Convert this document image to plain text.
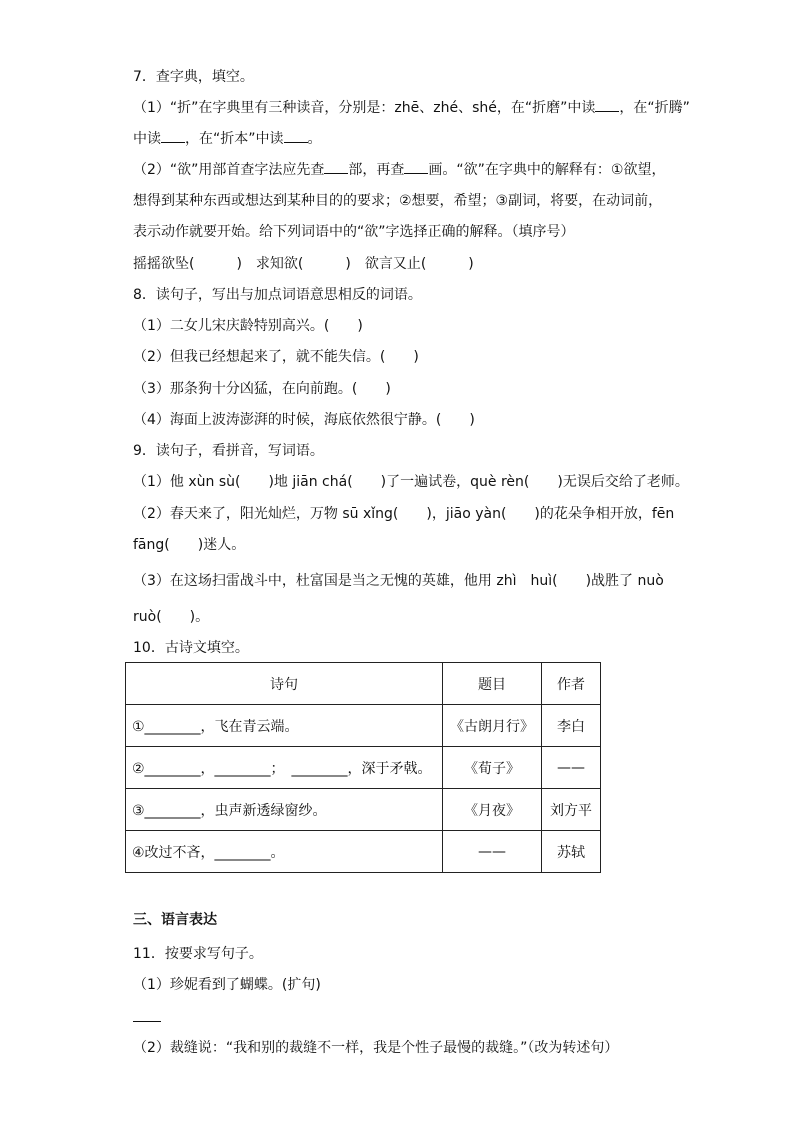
7．查字典，填空。
（1）“折”在字典里有三种读音，分别是：zhē、zhé、shé，在“折磨”中读 ，在“折腾”
中读 ，在“折本”中读 。
（2）“欲”用部首查字法应先查 部，再查 画。“欲”在字典中的解释有：①欲望，
想得到某种东西或想达到某种目的的要求；②想要，希望；③副词，将要，在动词前，
表示动作就要开始。给下列词语中的“欲”字选择正确的解释。（填序号）
摇摇欲坠(　　　)　求知欲(　　　)　欲言又止(　　　)
8．读句子，写出与加点词语意思相反的词语。
（1）二女儿宋庆龄特别高兴。(　　)
（2）但我已经想起来了，就不能失信。(　　)
（3）那条狗十分凶猛，在向前跑。(　　)
（4）海面上波涛澎湃的时候，海底依然很宁静。(　　)
9．读句子，看拼音，写词语。
（1）他 xùn sù(　　)地 jiān chá(　　)了一遍试卷，què rèn(　　)无误后交给了老师。
（2）春天来了，阳光灿烂，万物 sū xǐng(　　)，jiāo yàn(　　)的花朵争相开放，fēn
fāng(　　)迷人。
（3）在这场扫雷战斗中，杜富国是当之无愧的英雄，他用 zhì　huì(　　)战胜了 nuò
ruò(　　)。
10．古诗文填空。
诗句	题目	作者
①________，飞在青云端。	《古朗月行》	李白
②________，________；　________，深于矛戟。	《荀子》	——
③________，虫声新透绿窗纱。	《月夜》	刘方平
④改过不吝，________。	——	苏轼
三、语言表达
11．按要求写句子。
（1）珍妮看到了蝴蝶。(扩句)
（2）裁缝说：“我和别的裁缝不一样，我是个性子最慢的裁缝。”（改为转述句）
